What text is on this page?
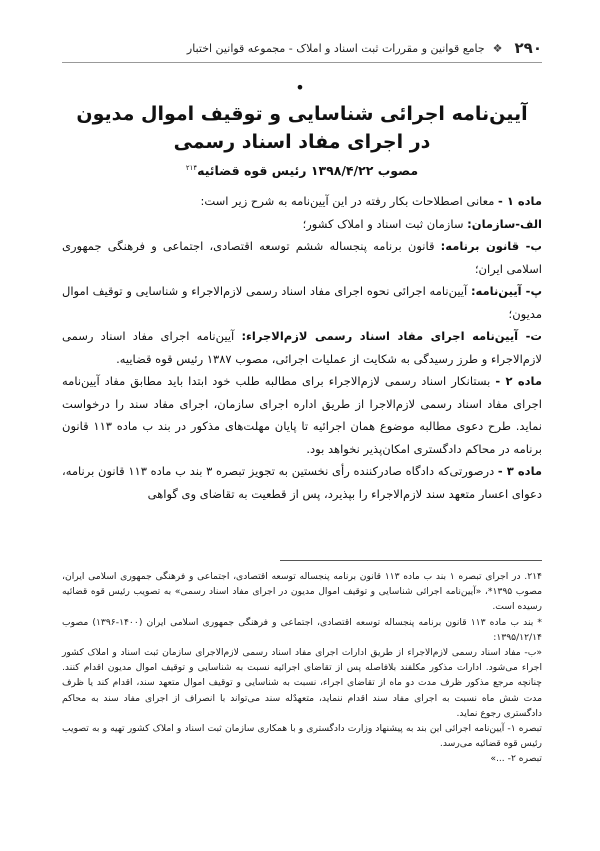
۲۹۰
❖
جامع قوانین و مقررات ثبت اسناد و املاک - مجموعه قوانین اختبار
•
آیین‌نامه اجرائی شناسایی و توقیف اموال مدیون
در اجرای مفاد اسناد رسمی
مصوب ۱۳۹۸/۴/۲۲ رئیس قوه قضائیه$^{۲۱۴}$

ماده ۱ - معانی اصطلاحات بکار رفته در این آیین‌نامه به شرح زیر است:

الف-سازمان: سازمان ثبت اسناد و املاک کشور؛

ب- قانون برنامه: قانون برنامه پنجساله ششم توسعه اقتصادی، اجتماعی و فرهنگی جمهوری اسلامی ایران؛

پ- آیین‌نامه: آیین‌نامه اجرائی نحوه اجرای مفاد اسناد رسمی لازم‌الاجراء و شناسایی و توقیف اموال مدیون؛

ت- آیین‌نامه اجرای مفاد اسناد رسمی لازم‌الاجراء: آیین‌نامه اجرای مفاد اسناد رسمی لازم‌الاجراء و طرز رسیدگی به شکایت از عملیات اجرائی، مصوب ۱۳۸۷ رئیس قوه قضاییه.

ماده ۲ - بستانکار اسناد رسمی لازم‌الاجراء برای مطالبه طلب خود ابتدا باید مطابق مفاد آیین‌نامه اجرای مفاد اسناد رسمی لازم‌الاجرا از طریق اداره اجرای سازمان، اجرای مفاد سند را درخواست نماید. طرح دعوی مطالبه موضوع همان اجرائیه تا پایان مهلت‌های مذکور در بند ب ماده ۱۱۳ قانون برنامه در محاکم دادگستری امکان‌پذیر نخواهد بود.

ماده ۳ - درصورتی‌که دادگاه صادرکننده رأی نخستین به تجویز تبصره ۳ بند ب ماده ۱۱۳ قانون برنامه، دعوای اعسار متعهد سند لازم‌الاجراء را بپذیرد، پس از قطعیت به تقاضای وی گواهی

۲۱۴. در اجرای تبصره ۱ بند ب ماده ۱۱۳ قانون برنامه پنجساله توسعه اقتصادی، اجتماعی و فرهنگی جمهوری اسلامی ایران، مصوب ۱۳۹۵*، «آیین‌نامه اجرائی شناسایی و توقیف اموال مدیون در اجرای مفاد اسناد رسمی» به تصویب رئیس قوه قضائیه رسیده است.

* بند ب ماده ۱۱۳ قانون برنامه پنجساله توسعه اقتصادی، اجتماعی و فرهنگی جمهوری اسلامی ایران (۱۴۰۰-۱۳۹۶) مصوب ۱۳۹۵/۱۲/۱۴:

«ب- مفاد اسناد رسمی لازم‌الاجراء از طریق ادارات اجرای مفاد اسناد رسمی لازم‌الاجرای سازمان ثبت اسناد و املاک کشور اجراء می‌شود. ادارات مذکور مکلفند بلافاصله پس از تقاضای اجرائیه نسبت به شناسایی و توقیف اموال مدیون اقدام کنند. چنانچه مرجع مذکور ظرف مدت دو ماه از تقاضای اجراء، نسبت به شناسایی و توقیف اموال متعهد سند، اقدام کند یا ظرف مدت شش ماه نسبت به اجرای مفاد سند اقدام ننماید، متعهدٌله سند می‌تواند با انصراف از اجرای مفاد سند به محاکم دادگستری رجوع نماید.

تبصره ۱- آیین‌نامه اجرائی این بند به پیشنهاد وزارت دادگستری و با همکاری سازمان ثبت اسناد و املاک کشور تهیه و به تصویب رئیس قوه قضائیه می‌رسد.

تبصره ۲- ...»
